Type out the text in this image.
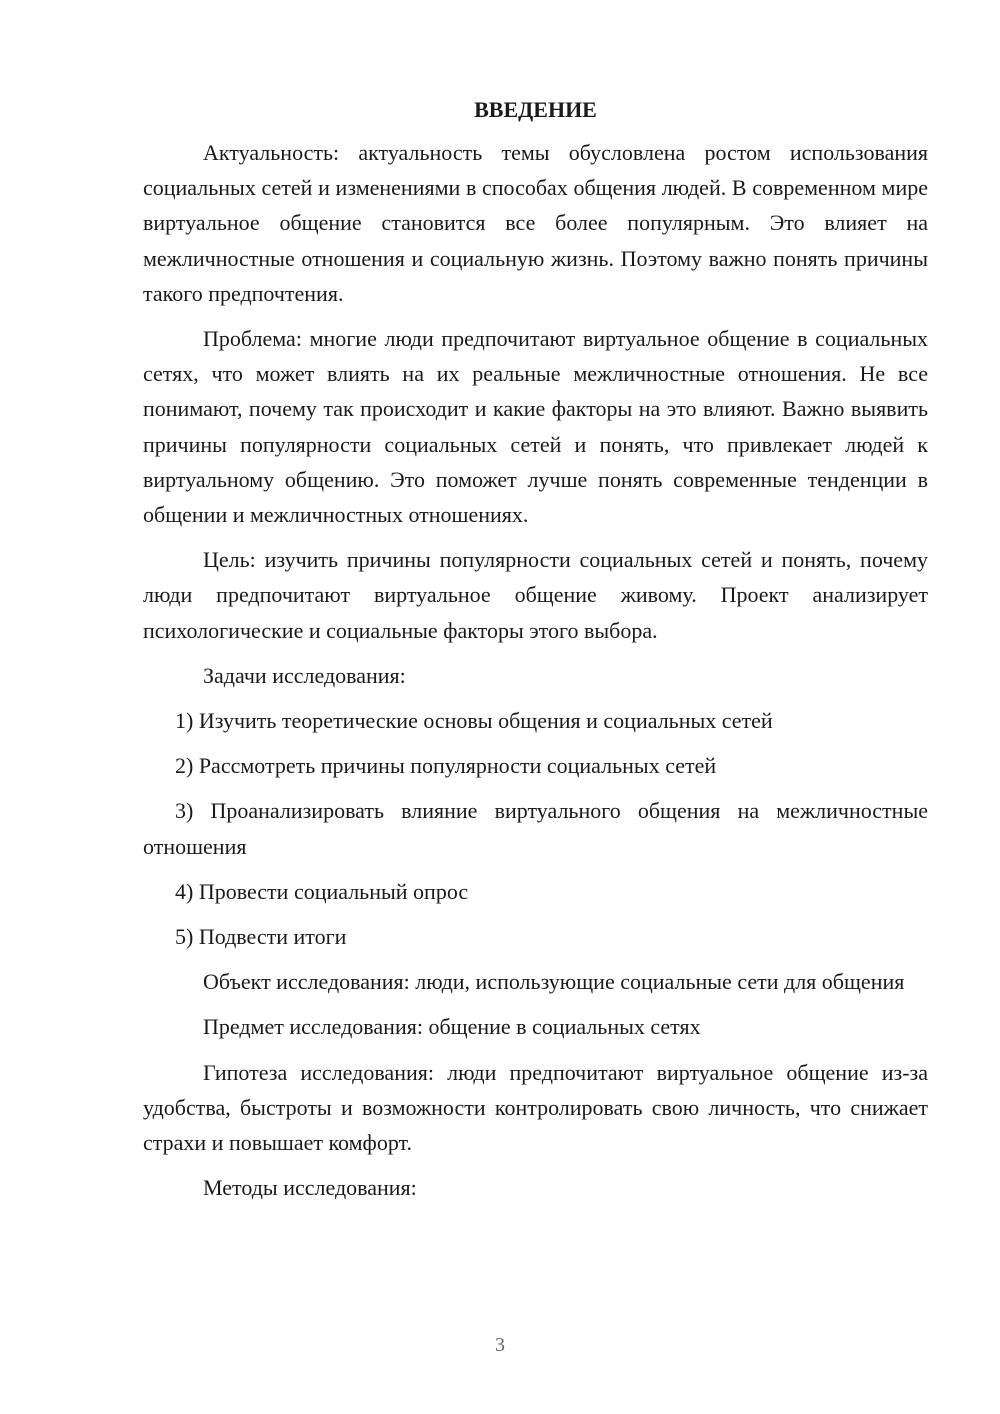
ВВЕДЕНИЕ

Актуальность: актуальность темы обусловлена ростом использования социальных сетей и изменениями в способах общения людей. В современном мире виртуальное общение становится все более популярным. Это влияет на межличностные отношения и социальную жизнь. Поэтому важно понять причины такого предпочтения.

Проблема: многие люди предпочитают виртуальное общение в социальных сетях, что может влиять на их реальные межличностные отношения. Не все понимают, почему так происходит и какие факторы на это влияют. Важно выявить причины популярности социальных сетей и понять, что привлекает людей к виртуальному общению. Это поможет лучше понять современные тенденции в общении и межличностных отношениях.

Цель: изучить причины популярности социальных сетей и понять, почему люди предпочитают виртуальное общение живому. Проект анализирует психологические и социальные факторы этого выбора.

Задачи исследования:

1) Изучить теоретические основы общения и социальных сетей

2) Рассмотреть причины популярности социальных сетей

3) Проанализировать влияние виртуального общения на межличностные отношения

4) Провести социальный опрос

5) Подвести итоги

Объект исследования: люди, использующие социальные сети для общения

Предмет исследования: общение в социальных сетях

Гипотеза исследования: люди предпочитают виртуальное общение из-за удобства, быстроты и возможности контролировать свою личность, что снижает страхи и повышает комфорт.

Методы исследования:

3
